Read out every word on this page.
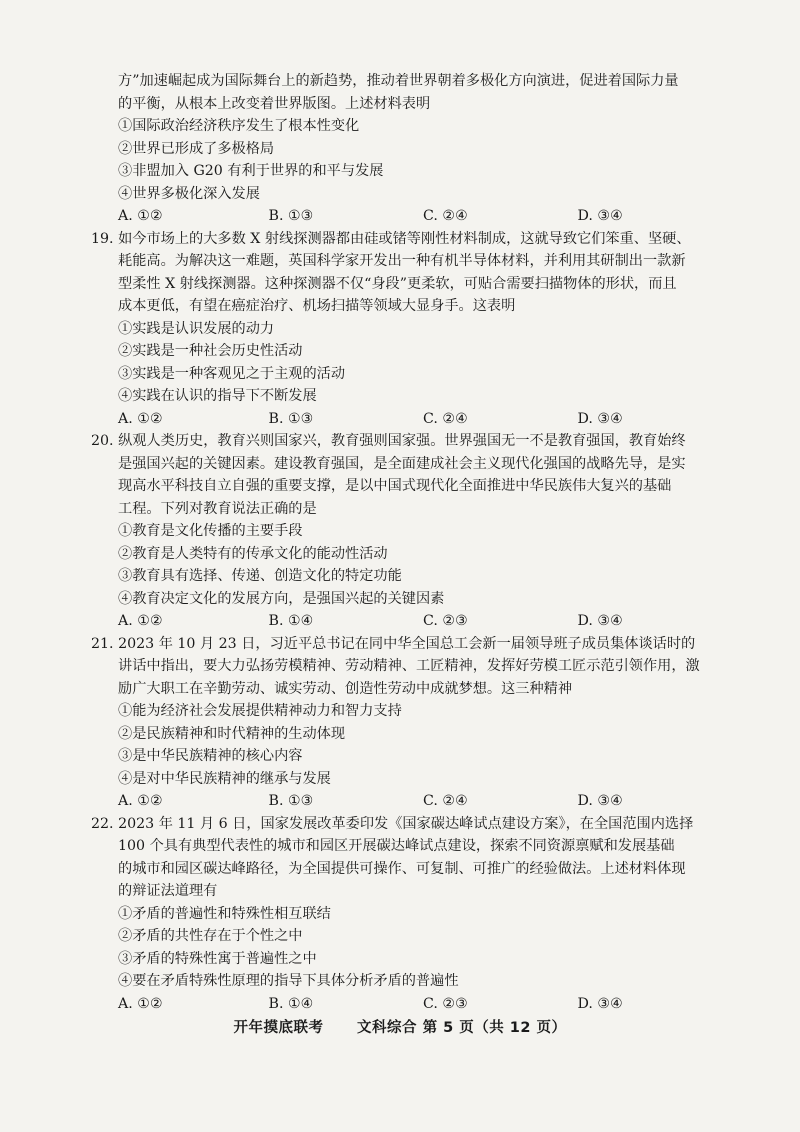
方”加速崛起成为国际舞台上的新趋势，推动着世界朝着多极化方向演进，促进着国际力量
的平衡，从根本上改变着世界版图。上述材料表明
①国际政治经济秩序发生了根本性变化
②世界已形成了多极格局
③非盟加入 G20 有利于世界的和平与发展
④世界多极化深入发展
A. ①②	B. ①③	C. ②④	D. ③④
19. 如今市场上的大多数 X 射线探测器都由硅或锗等刚性材料制成，这就导致它们笨重、坚硬、
耗能高。为解决这一难题，英国科学家开发出一种有机半导体材料，并利用其研制出一款新
型柔性 X 射线探测器。这种探测器不仅“身段”更柔软，可贴合需要扫描物体的形状，而且
成本更低，有望在癌症治疗、机场扫描等领域大显身手。这表明
①实践是认识发展的动力
②实践是一种社会历史性活动
③实践是一种客观见之于主观的活动
④实践在认识的指导下不断发展
A. ①②	B. ①③	C. ②④	D. ③④
20. 纵观人类历史，教育兴则国家兴，教育强则国家强。世界强国无一不是教育强国，教育始终
是强国兴起的关键因素。建设教育强国，是全面建成社会主义现代化强国的战略先导，是实
现高水平科技自立自强的重要支撑，是以中国式现代化全面推进中华民族伟大复兴的基础
工程。下列对教育说法正确的是
①教育是文化传播的主要手段
②教育是人类特有的传承文化的能动性活动
③教育具有选择、传递、创造文化的特定功能
④教育决定文化的发展方向，是强国兴起的关键因素
A. ①②	B. ①④	C. ②③	D. ③④
21. 2023 年 10 月 23 日，习近平总书记在同中华全国总工会新一届领导班子成员集体谈话时的
讲话中指出，要大力弘扬劳模精神、劳动精神、工匠精神，发挥好劳模工匠示范引领作用，激
励广大职工在辛勤劳动、诚实劳动、创造性劳动中成就梦想。这三种精神
①能为经济社会发展提供精神动力和智力支持
②是民族精神和时代精神的生动体现
③是中华民族精神的核心内容
④是对中华民族精神的继承与发展
A. ①②	B. ①③	C. ②④	D. ③④
22. 2023 年 11 月 6 日，国家发展改革委印发《国家碳达峰试点建设方案》，在全国范围内选择
100 个具有典型代表性的城市和园区开展碳达峰试点建设，探索不同资源禀赋和发展基础
的城市和园区碳达峰路径，为全国提供可操作、可复制、可推广的经验做法。上述材料体现
的辩证法道理有
①矛盾的普遍性和特殊性相互联结
②矛盾的共性存在于个性之中
③矛盾的特殊性寓于普遍性之中
④要在矛盾特殊性原理的指导下具体分析矛盾的普遍性
A. ①②	B. ①④	C. ②③	D. ③④
开年摸底联考 文科综合 第 5 页（共 12 页）
